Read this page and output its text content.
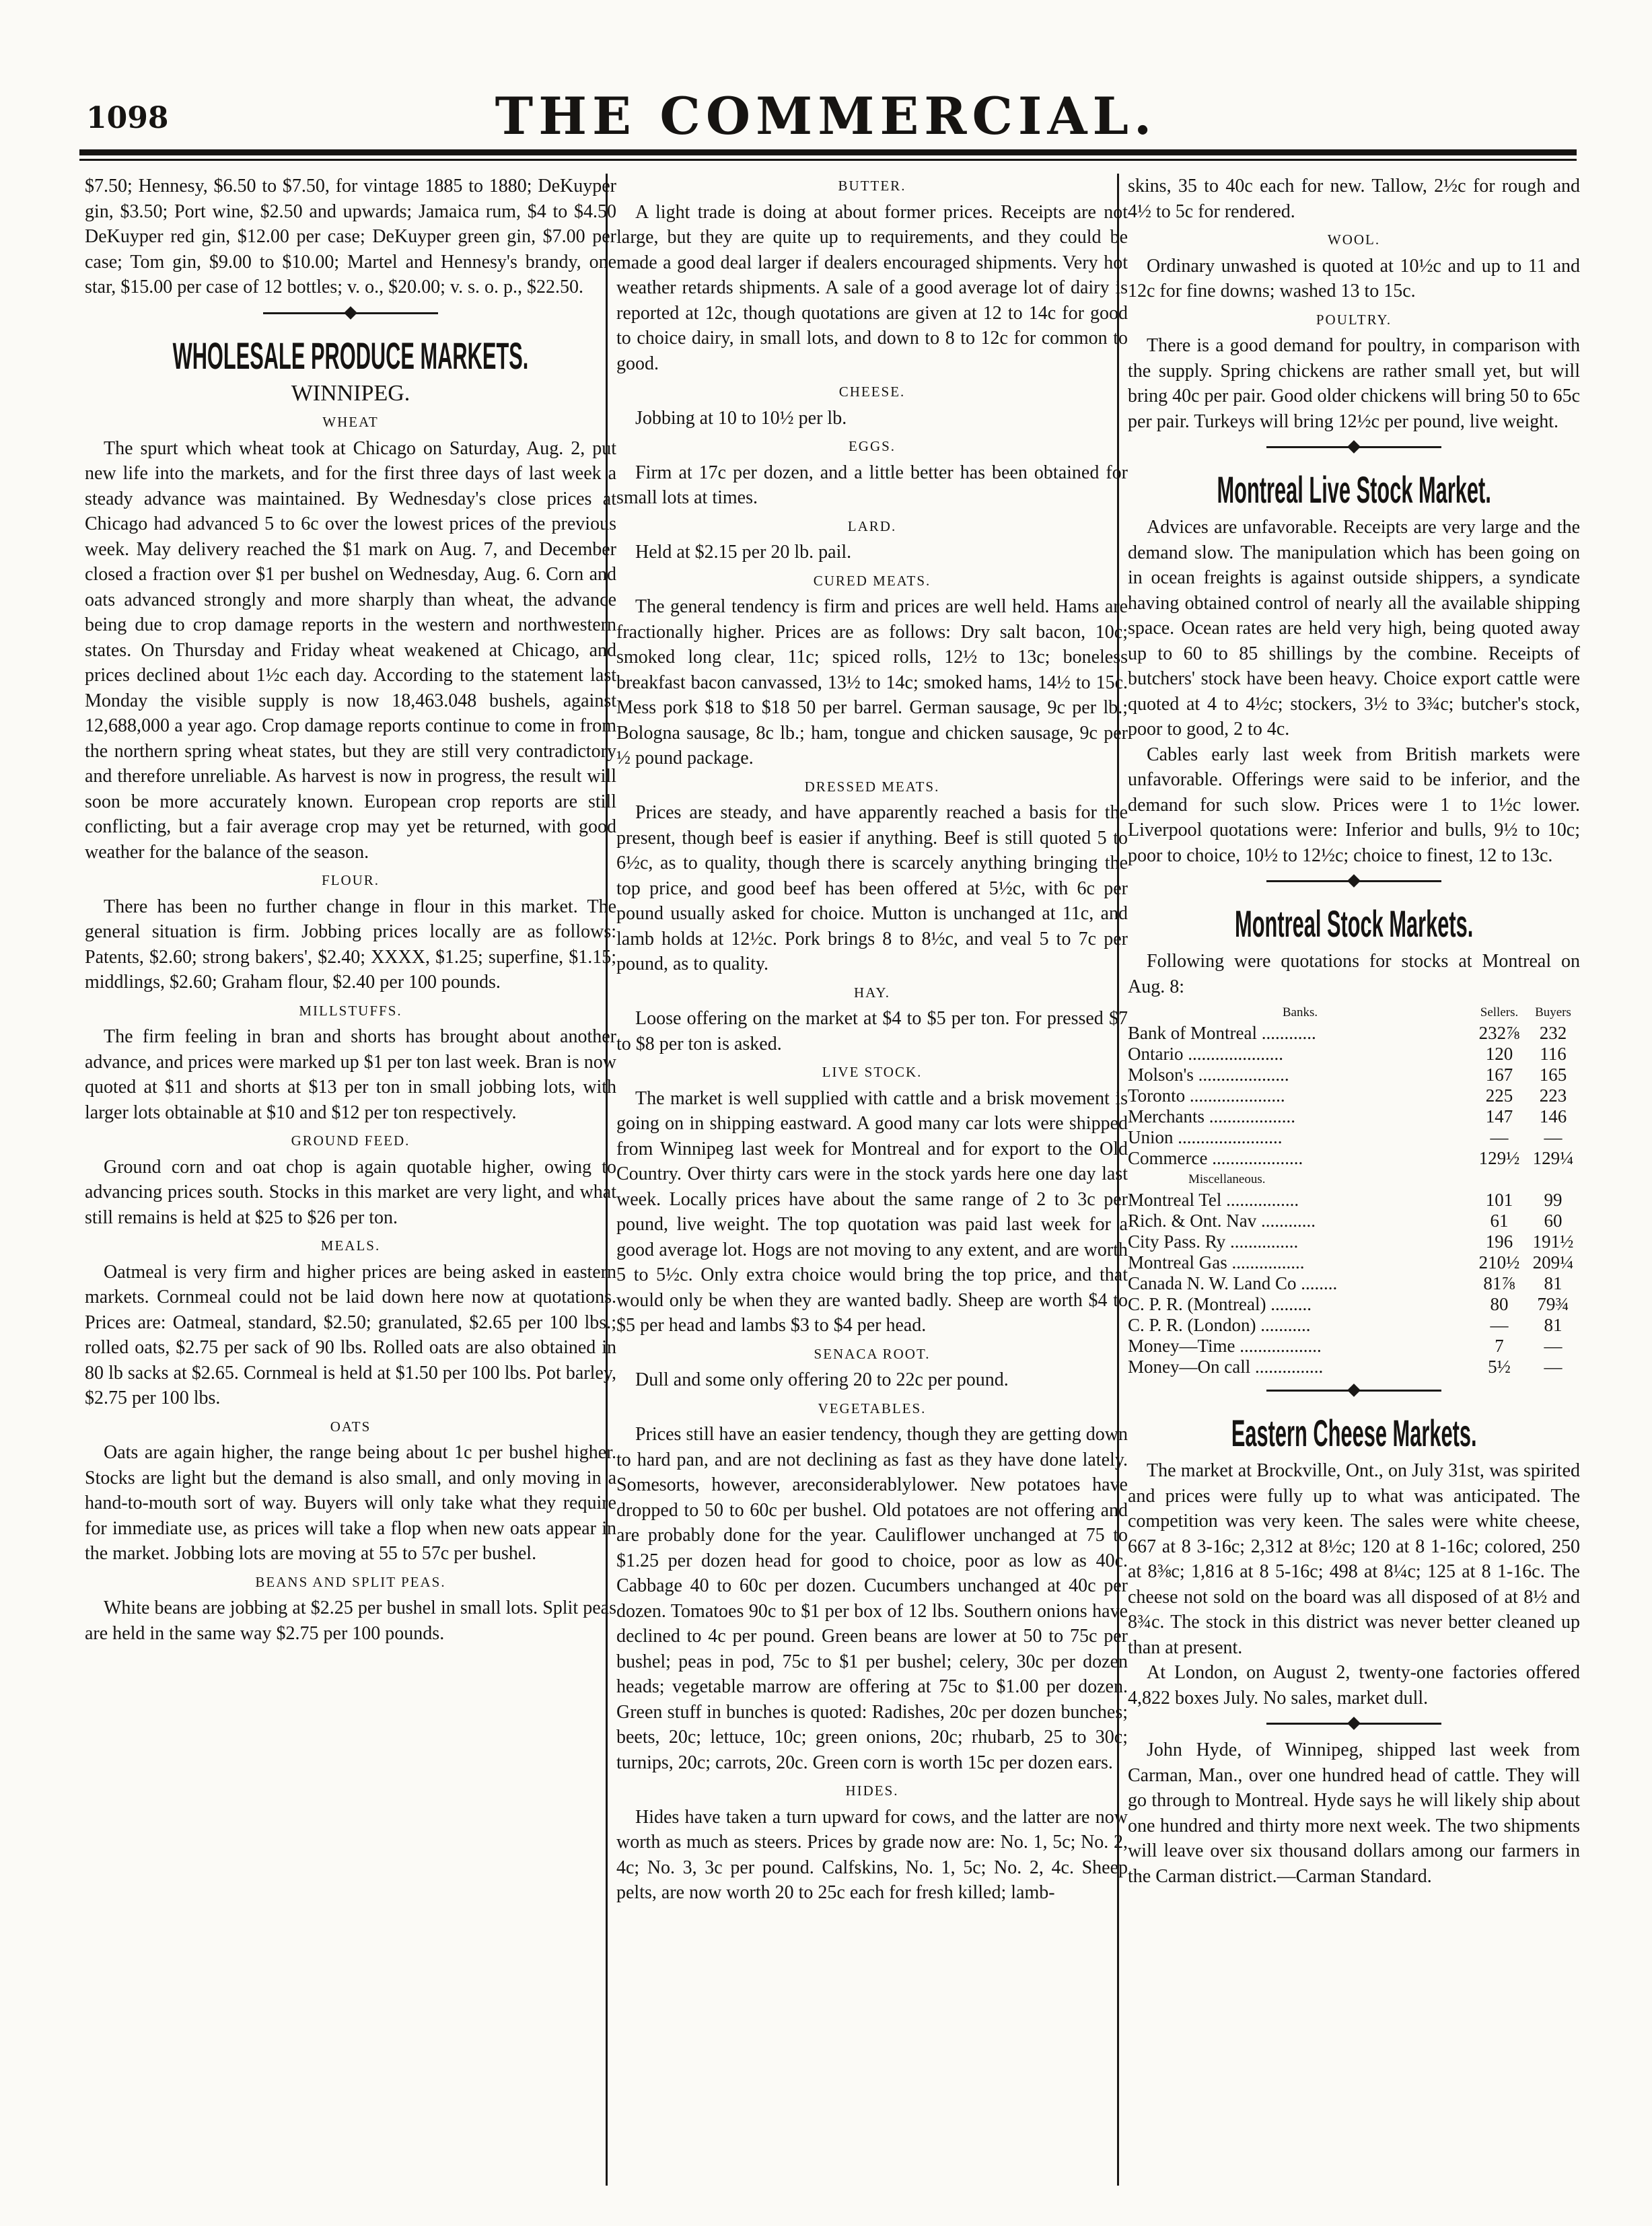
1098	THE COMMERCIAL.

$7.50; Hennesy, $6.50 to $7.50, for vintage 1885 to 1880; DeKuyper gin, $3.50; Port wine, $2.50 and upwards; Jamaica rum, $4 to $4.50 DeKuyper red gin, $12.00 per case; DeKuyper green gin, $7.00 per case; Tom gin, $9.00 to $10.00; Martel and Hennesy's brandy, one star, $15.00 per case of 12 bottles; v. o., $20.00; v. s. o. p., $22.50.

WHOLESALE PRODUCE MARKETS.
WINNIPEG.
WHEAT

The spurt which wheat took at Chicago on Saturday, Aug. 2, put new life into the markets, and for the first three days of last week a steady advance was maintained. By Wednesday's close prices at Chicago had advanced 5 to 6c over the lowest prices of the previous week. May delivery reached the $1 mark on Aug. 7, and December closed a fraction over $1 per bushel on Wednesday, Aug. 6. Corn and oats advanced strongly and more sharply than wheat, the advance being due to crop damage reports in the western and northwestern states. On Thursday and Friday wheat weakened at Chicago, and prices declined about 1½c each day. According to the statement last Monday the visible supply is now 18,463.048 bushels, against 12,688,000 a year ago. Crop damage reports continue to come in from the northern spring wheat states, but they are still very contradictory and therefore unreliable. As harvest is now in progress, the result will soon be more accurately known. European crop reports are still conflicting, but a fair average crop may yet be returned, with good weather for the balance of the season.

FLOUR.

There has been no further change in flour in this market. The general situation is firm. Jobbing prices locally are as follows: Patents, $2.60; strong bakers', $2.40; XXXX, $1.25; superfine, $1.15; middlings, $2.60; Graham flour, $2.40 per 100 pounds.

MILLSTUFFS.

The firm feeling in bran and shorts has brought about another advance, and prices were marked up $1 per ton last week. Bran is now quoted at $11 and shorts at $13 per ton in small jobbing lots, with larger lots obtainable at $10 and $12 per ton respectively.

GROUND FEED.

Ground corn and oat chop is again quotable higher, owing to advancing prices south. Stocks in this market are very light, and what still remains is held at $25 to $26 per ton.

MEALS.

Oatmeal is very firm and higher prices are being asked in eastern markets. Cornmeal could not be laid down here now at quotations. Prices are: Oatmeal, standard, $2.50; granulated, $2.65 per 100 lbs.; rolled oats, $2.75 per sack of 90 lbs. Rolled oats are also obtained in 80 lb sacks at $2.65. Cornmeal is held at $1.50 per 100 lbs. Pot barley, $2.75 per 100 lbs.

OATS

Oats are again higher, the range being about 1c per bushel higher. Stocks are light but the demand is also small, and only moving in a hand-to-mouth sort of way. Buyers will only take what they require for immediate use, as prices will take a flop when new oats appear in the market. Jobbing lots are moving at 55 to 57c per bushel.

BEANS AND SPLIT PEAS.

White beans are jobbing at $2.25 per bushel in small lots. Split peas are held in the same way $2.75 per 100 pounds.

BUTTER.

A light trade is doing at about former prices. Receipts are not large, but they are quite up to requirements, and they could be made a good deal larger if dealers encouraged shipments. Very hot weather retards shipments. A sale of a good average lot of dairy is reported at 12c, though quotations are given at 12 to 14c for good to choice dairy, in small lots, and down to 8 to 12c for common to good.

CHEESE.

Jobbing at 10 to 10½ per lb.

EGGS.

Firm at 17c per dozen, and a little better has been obtained for small lots at times.

LARD.

Held at $2.15 per 20 lb. pail.

CURED MEATS.

The general tendency is firm and prices are well held. Hams are fractionally higher. Prices are as follows: Dry salt bacon, 10c; smoked long clear, 11c; spiced rolls, 12½ to 13c; boneless breakfast bacon canvassed, 13½ to 14c; smoked hams, 14½ to 15c. Mess pork $18 to $18 50 per barrel. German sausage, 9c per lb.; Bologna sausage, 8c lb.; ham, tongue and chicken sausage, 9c per ½ pound package.

DRESSED MEATS.

Prices are steady, and have apparently reached a basis for the present, though beef is easier if anything. Beef is still quoted 5 to 6½c, as to quality, though there is scarcely anything bringing the top price, and good beef has been offered at 5½c, with 6c per pound usually asked for choice. Mutton is unchanged at 11c, and lamb holds at 12½c. Pork brings 8 to 8½c, and veal 5 to 7c per pound, as to quality.

HAY.

Loose offering on the market at $4 to $5 per ton. For pressed $7 to $8 per ton is asked.

LIVE STOCK.

The market is well supplied with cattle and a brisk movement is going on in shipping eastward. A good many car lots were shipped from Winnipeg last week for Montreal and for export to the Old Country. Over thirty cars were in the stock yards here one day last week. Locally prices have about the same range of 2 to 3c per pound, live weight. The top quotation was paid last week for a good average lot. Hogs are not moving to any extent, and are worth 5 to 5½c. Only extra choice would bring the top price, and that would only be when they are wanted badly. Sheep are worth $4 to $5 per head and lambs $3 to $4 per head.

SENACA ROOT.

Dull and some only offering 20 to 22c per pound.

VEGETABLES.

Prices still have an easier tendency, though they are getting down to hard pan, and are not declining as fast as they have done lately. Somesorts, however, areconsiderablylower. New potatoes have dropped to 50 to 60c per bushel. Old potatoes are not offering and are probably done for the year. Cauliflower unchanged at 75 to $1.25 per dozen head for good to choice, poor as low as 40c. Cabbage 40 to 60c per dozen. Cucumbers unchanged at 40c per dozen. Tomatoes 90c to $1 per box of 12 lbs. Southern onions have declined to 4c per pound. Green beans are lower at 50 to 75c per bushel; peas in pod, 75c to $1 per bushel; celery, 30c per dozen heads; vegetable marrow are offering at 75c to $1.00 per dozen. Green stuff in bunches is quoted: Radishes, 20c per dozen bunches; beets, 20c; lettuce, 10c; green onions, 20c; rhubarb, 25 to 30c; turnips, 20c; carrots, 20c. Green corn is worth 15c per dozen ears.

HIDES.

Hides have taken a turn upward for cows, and the latter are now worth as much as steers. Prices by grade now are: No. 1, 5c; No. 2, 4c; No. 3, 3c per pound. Calfskins, No. 1, 5c; No. 2, 4c. Sheep pelts, are now worth 20 to 25c each for fresh killed; lamb-

skins, 35 to 40c each for new. Tallow, 2½c for rough and 4½ to 5c for rendered.

WOOL.

Ordinary unwashed is quoted at 10½c and up to 11 and 12c for fine downs; washed 13 to 15c.

POULTRY.

There is a good demand for poultry, in comparison with the supply. Spring chickens are rather small yet, but will bring 40c per pair. Good older chickens will bring 50 to 65c per pair. Turkeys will bring 12½c per pound, live weight.

Montreal Live Stock Market.

Advices are unfavorable. Receipts are very large and the demand slow. The manipulation which has been going on in ocean freights is against outside shippers, a syndicate having obtained control of nearly all the available shipping space. Ocean rates are held very high, being quoted away up to 60 to 85 shillings by the combine. Receipts of butchers' stock have been heavy. Choice export cattle were quoted at 4 to 4½c; stockers, 3½ to 3¾c; butcher's stock, poor to good, 2 to 4c.

Cables early last week from British markets were unfavorable. Offerings were said to be inferior, and the demand for such slow. Prices were 1 to 1½c lower. Liverpool quotations were: Inferior and bulls, 9½ to 10c; poor to choice, 10½ to 12½c; choice to finest, 12 to 13c.

Montreal Stock Markets.

Following were quotations for stocks at Montreal on Aug. 8:

Banks.	Sellers.	Buyers
Bank of Montreal ............	232⅞	232
Ontario .....................	120	116
Molson's ....................	167	165
Toronto .....................	225	223
Merchants ...................	147	146
Union .......................	—	—
Commerce ....................	129½	129¼
Miscellaneous.		
Montreal Tel ................	101	99
Rich. & Ont. Nav ............	61	60
City Pass. Ry ...............	196	191½
Montreal Gas ................	210½	209¼
Canada N. W. Land Co ........	81⅞	81
C. P. R. (Montreal) .........	80	79¾
C. P. R. (London) ...........	—	81
Money—Time ..................	7	—
Money—On call ...............	5½	—
Eastern Cheese Markets.

The market at Brockville, Ont., on July 31st, was spirited and prices were fully up to what was anticipated. The competition was very keen. The sales were white cheese, 667 at 8 3-16c; 2,312 at 8½c; 120 at 8 1-16c; colored, 250 at 8⅜c; 1,816 at 8 5-16c; 498 at 8¼c; 125 at 8 1-16c. The cheese not sold on the board was all disposed of at 8½ and 8¾c. The stock in this district was never better cleaned up than at present.

At London, on August 2, twenty-one factories offered 4,822 boxes July. No sales, market dull.

John Hyde, of Winnipeg, shipped last week from Carman, Man., over one hundred head of cattle. They will go through to Montreal. Hyde says he will likely ship about one hundred and thirty more next week. The two shipments will leave over six thousand dollars among our farmers in the Carman district.—Carman Standard.
